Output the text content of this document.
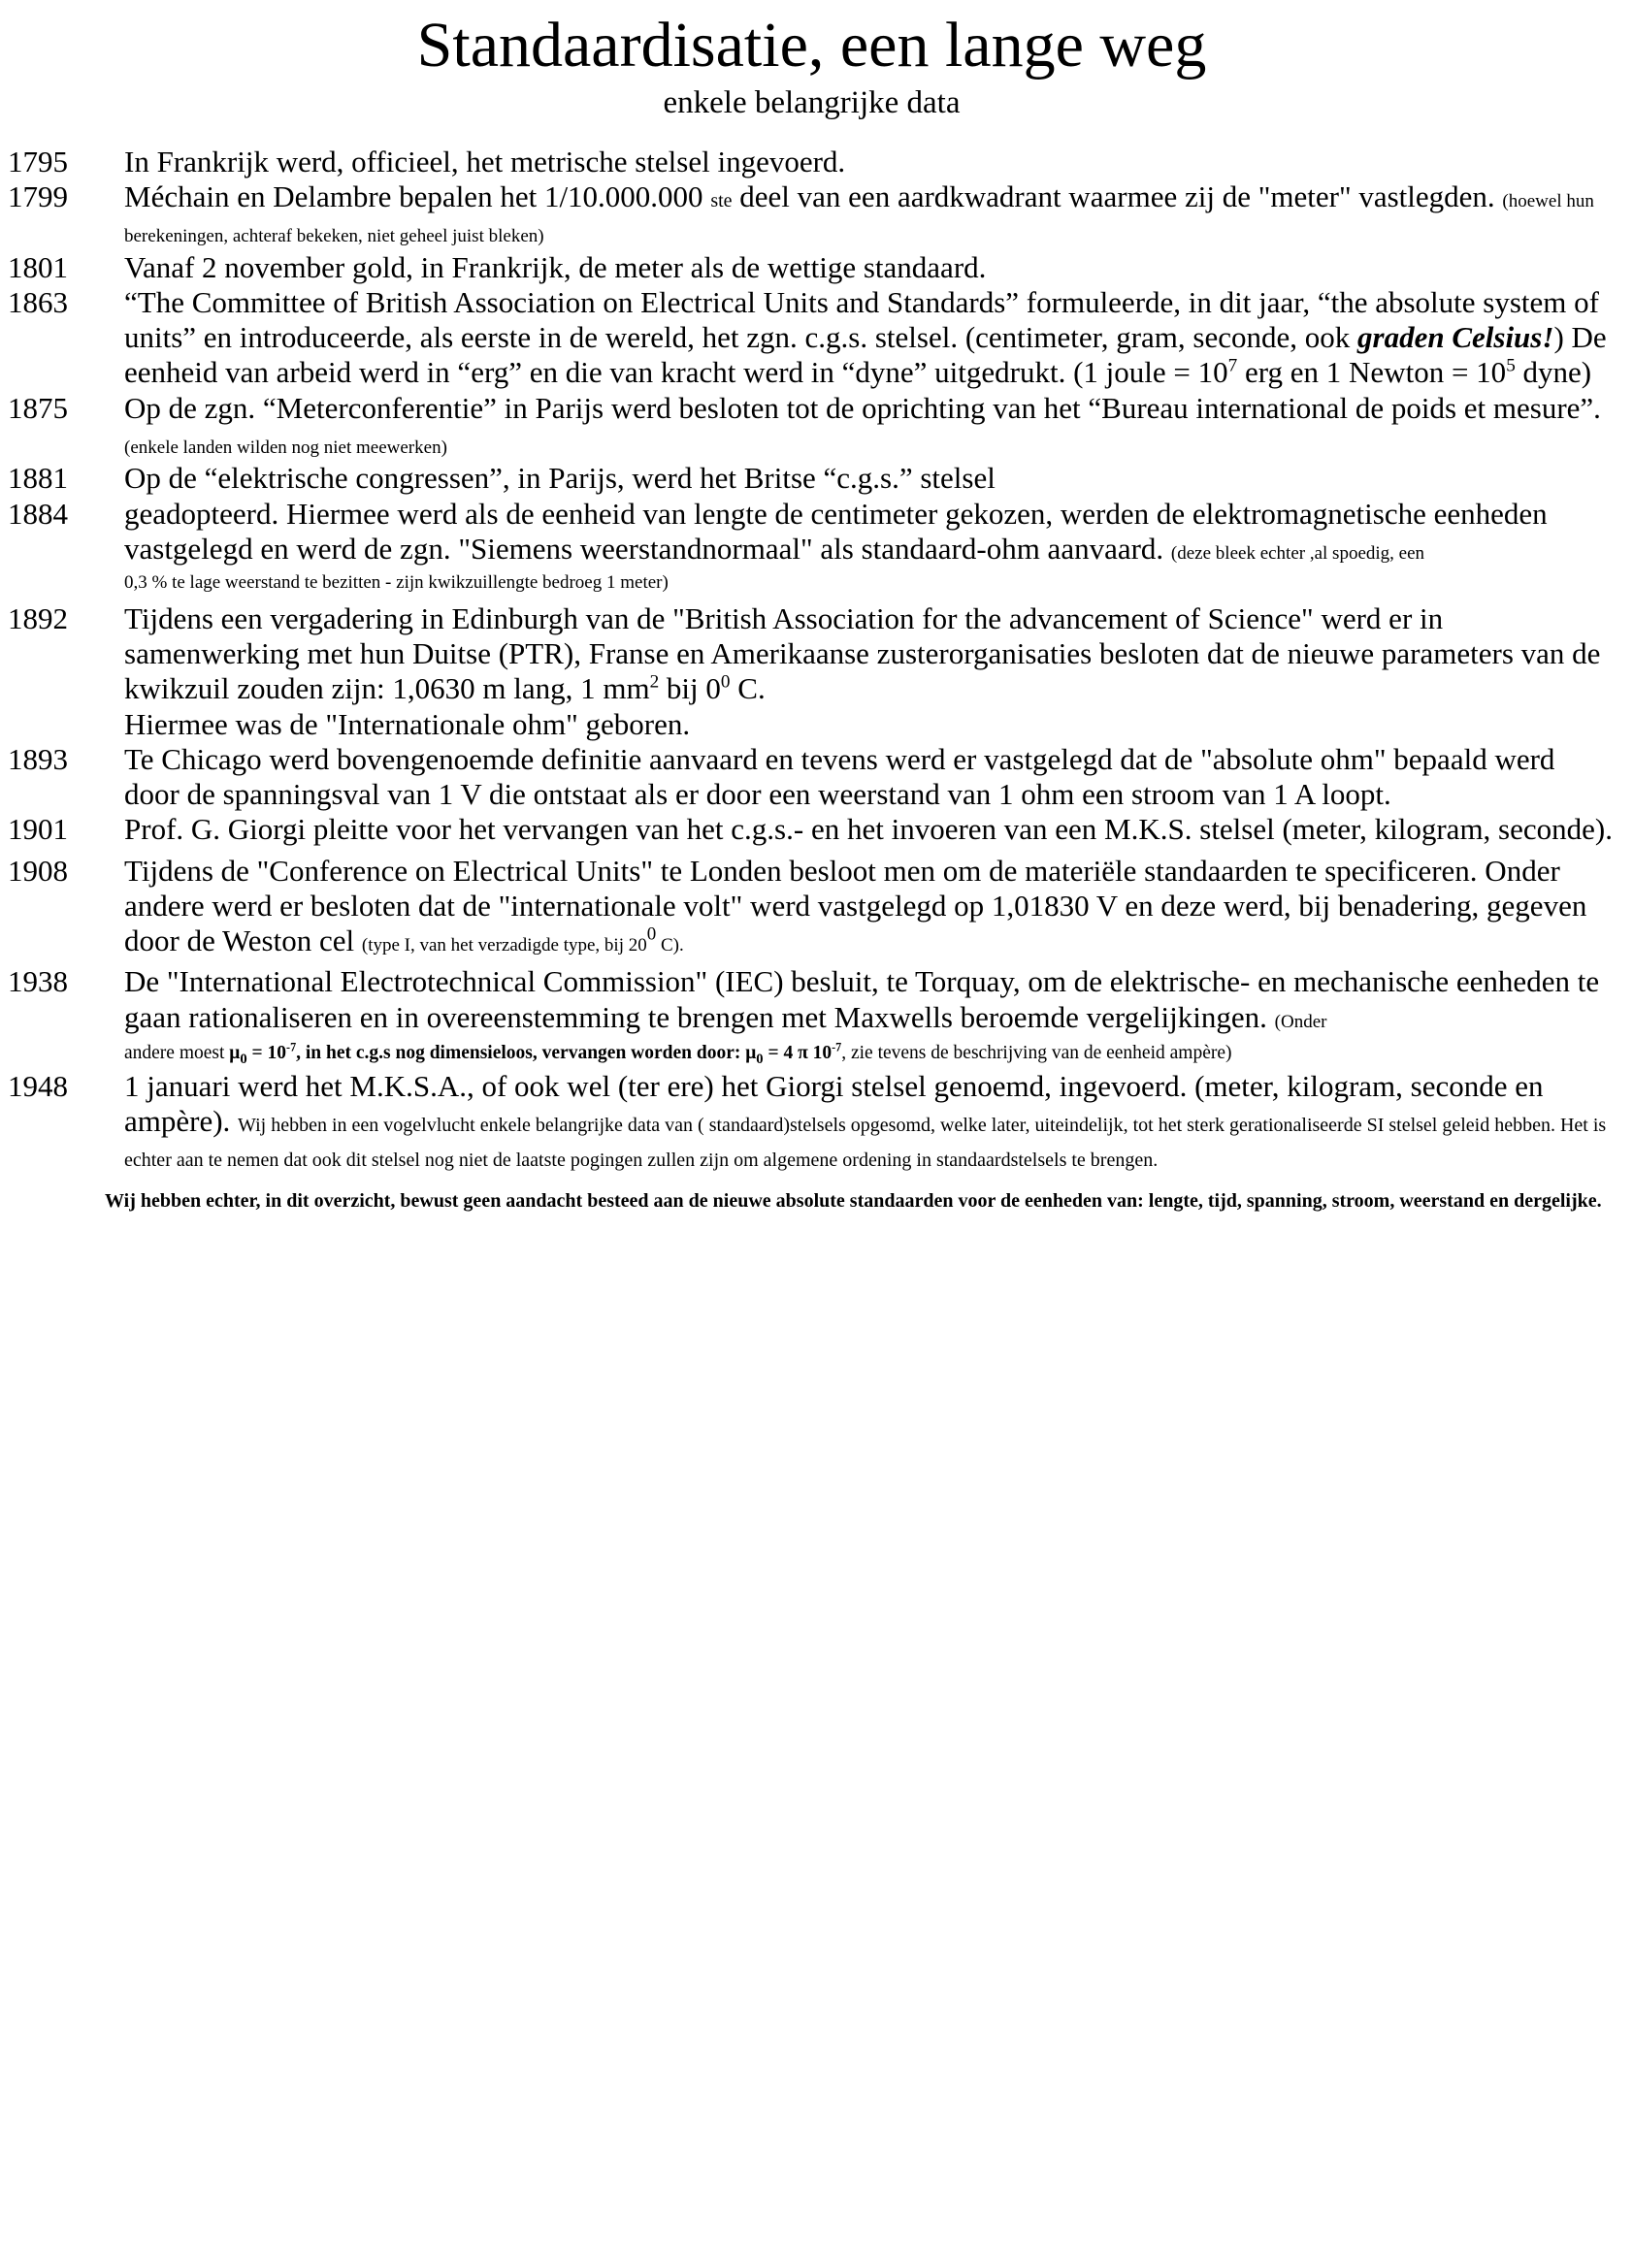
Standaardisatie, een lange weg
enkele belangrijke data
1795	In Frankrijk werd, officieel, het metrische stelsel ingevoerd.
1799	Méchain en Delambre bepalen het 1/10.000.000 ste deel van een aardkwadrant waarmee zij de "meter" vastlegden. (hoewel hun berekeningen, achteraf bekeken, niet geheel juist bleken)
1801	Vanaf 2 november gold, in Frankrijk, de meter als de wettige standaard.
1863	“The Committee of British Association on Electrical Units and Standards” formuleerde, in dit jaar, “the absolute system of units” en introduceerde, als eerste in de wereld, het zgn. c.g.s. stelsel. (centimeter, gram, seconde, ook graden Celsius!) De eenheid van arbeid werd in “erg” en die van kracht werd in “dyne” uitgedrukt. (1 joule = $10^7$ erg en 1 Newton = $10^5$ dyne)
1875	Op de zgn. “Meterconferentie” in Parijs werd besloten tot de oprichting van het “Bureau international de poids et mesure”. (enkele landen wilden nog niet meewerken)
1881	Op de “elektrische congressen”, in Parijs, werd het Britse “c.g.s.” stelsel
1884	geadopteerd. Hiermee werd als de eenheid van lengte de centimeter gekozen, werden de elektromagnetische eenheden vastgelegd en werd de zgn. "Siemens weerstandnormaal" als standaard-ohm aanvaard. (deze bleek echter ,al spoedig, een
0,3 % te lage weerstand te bezitten - zijn kwikzuillengte bedroeg 1 meter)

1892	Tijdens een vergadering in Edinburgh van de "British Association for the advancement of Science" werd er in samenwerking met hun Duitse (PTR), Franse en Amerikaanse zusterorganisaties besloten dat de nieuwe parameters van de kwikzuil zouden zijn: 1,0630 m lang, 1 $mm^2$ bij $0^0$ C.
Hiermee was de "Internationale ohm" geboren.

1893	Te Chicago werd bovengenoemde definitie aanvaard en tevens werd er vastgelegd dat de "absolute ohm" bepaald werd door de spanningsval van 1 V die ontstaat als er door een weerstand van 1 ohm een stroom van 1 A loopt.
1901	Prof. G. Giorgi pleitte voor het vervangen van het c.g.s.- en het invoeren van een M.K.S. stelsel (meter, kilogram, seconde).

1908	Tijdens de "Conference on Electrical Units" te Londen besloot men om de materiële standaarden te specificeren. Onder andere werd er besloten dat de "internationale volt" werd vastgelegd op 1,01830 V en deze werd, bij benadering, gegeven door de Weston cel (type I, van het verzadigde type, bij $20^0$ C).

1938	De "International Electrotechnical Commission" (IEC) besluit, te Torquay, om de elektrische- en mechanische eenheden te gaan rationaliseren en in overeenstemming te brengen met Maxwells beroemde vergelijkingen. (Onder
andere moest $\mu_0 = 10^{-7}$, in het c.g.s nog dimensieloos, vervangen worden door: $\mu_0 = 4$ π $10^{-7}$, zie tevens de beschrijving van de eenheid ampère)

1948	1 januari werd het M.K.S.A., of ook wel (ter ere) het Giorgi stelsel genoemd, ingevoerd. (meter, kilogram, seconde en ampère). Wij hebben in een vogelvlucht enkele belangrijke data van ( standaard)stelsels opgesomd, welke later, uiteindelijk, tot het sterk gerationaliseerde SI stelsel geleid hebben. Het is echter aan te nemen dat ook dit stelsel nog niet de laatste pogingen zullen zijn om algemene ordening in standaardstelsels te brengen.
Wij hebben echter, in dit overzicht, bewust geen aandacht besteed aan de nieuwe absolute standaarden voor de eenheden van: lengte, tijd, spanning, stroom, weerstand en dergelijke.
